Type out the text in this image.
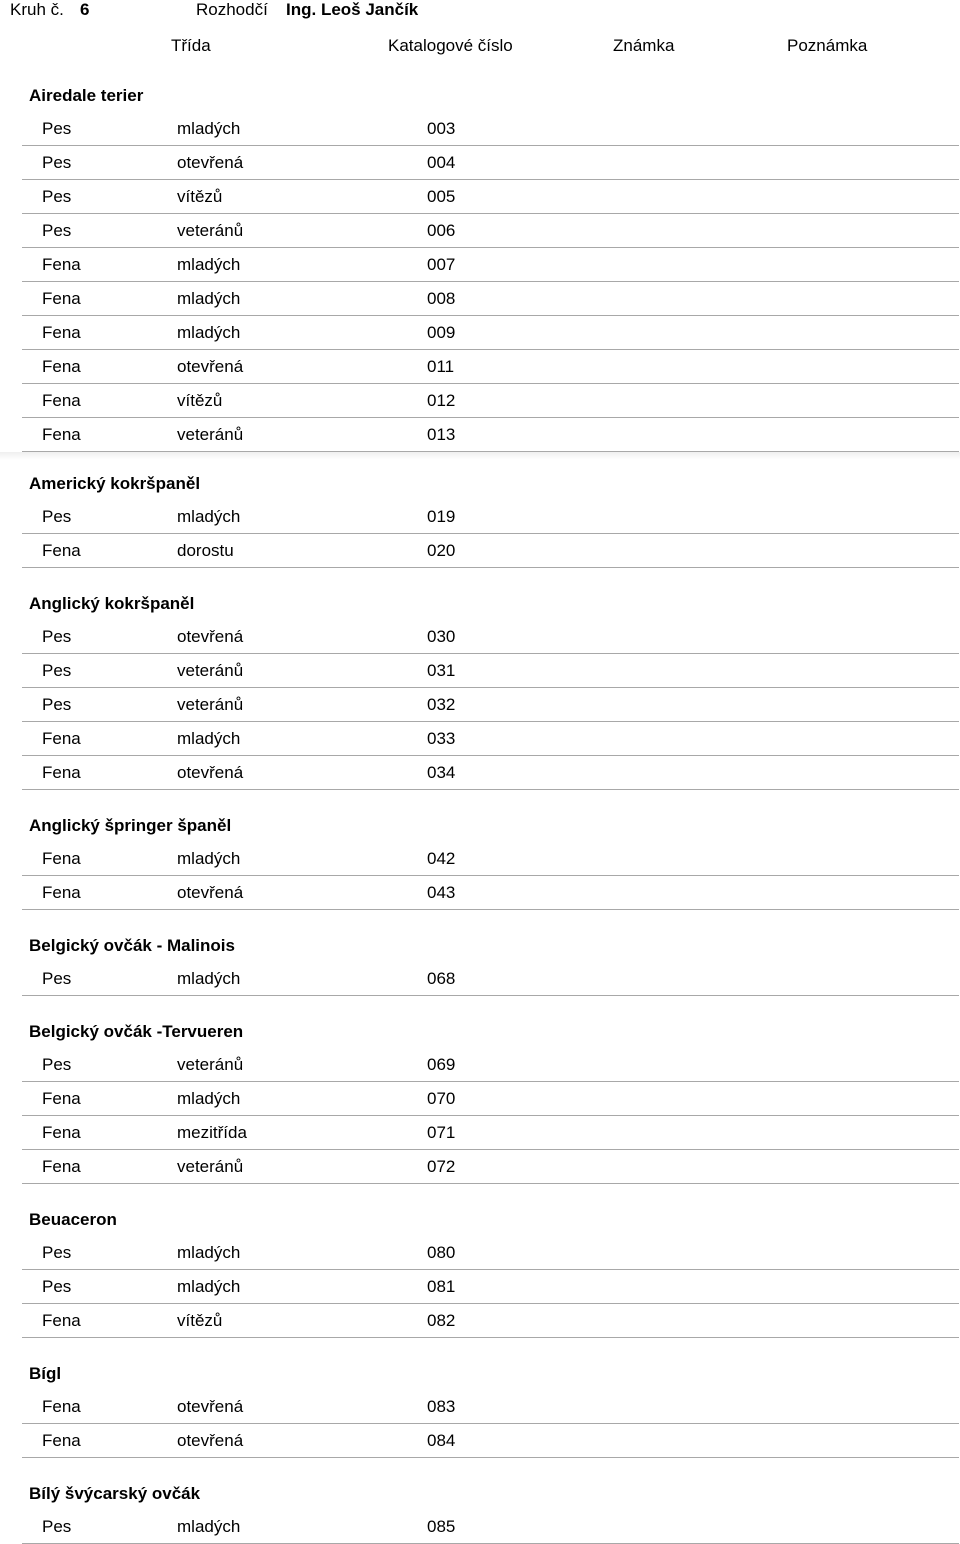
Kruh č. 6	Rozhodčí Ing. Leoš Jančík
Třída	Katalogové číslo	Známka	Poznámka
Airedale terier
Pes	mladých	003
Pes	otevřená	004
Pes	vítězů	005
Pes	veteránů	006
Fena	mladých	007
Fena	mladých	008
Fena	mladých	009
Fena	otevřená	011
Fena	vítězů	012
Fena	veteránů	013
Americký kokršpaněl
Pes	mladých	019
Fena	dorostu	020
Anglický kokršpaněl
Pes	otevřená	030
Pes	veteránů	031
Pes	veteránů	032
Fena	mladých	033
Fena	otevřená	034
Anglický špringer španěl
Fena	mladých	042
Fena	otevřená	043
Belgický ovčák - Malinois
Pes	mladých	068
Belgický ovčák -Tervueren
Pes	veteránů	069
Fena	mladých	070
Fena	mezitřída	071
Fena	veteránů	072
Beuaceron
Pes	mladých	080
Pes	mladých	081
Fena	vítězů	082
Bígl
Fena	otevřená	083
Fena	otevřená	084
Bílý švýcarský ovčák
Pes	mladých	085
